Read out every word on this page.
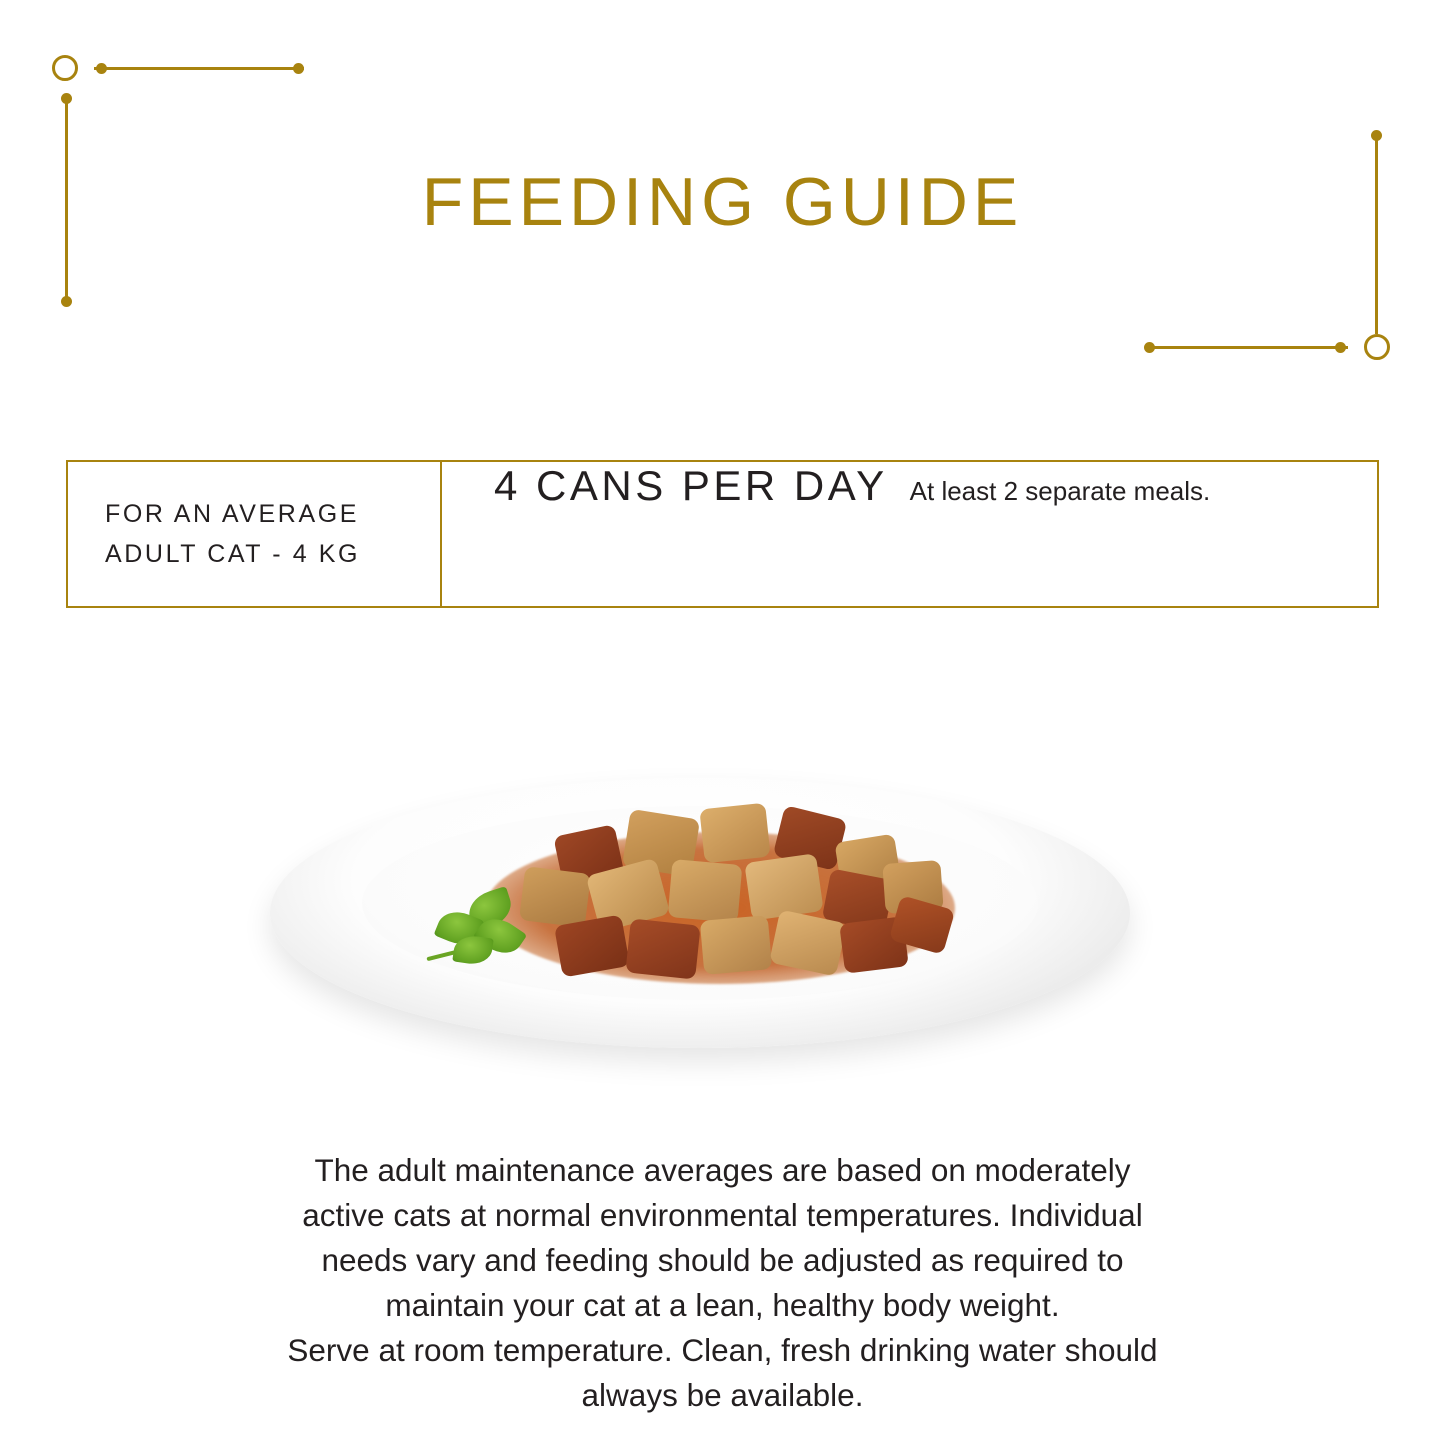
FEEDING GUIDE
FOR AN AVERAGE
ADULT CAT - 4 KG
4 CANS PER DAY At least 2 separate meals.

The adult maintenance averages are based on moderately

active cats at normal environmental temperatures. Individual

needs vary and feeding should be adjusted as required to

maintain your cat at a lean, healthy body weight.

Serve at room temperature. Clean, fresh drinking water should

always be available.
